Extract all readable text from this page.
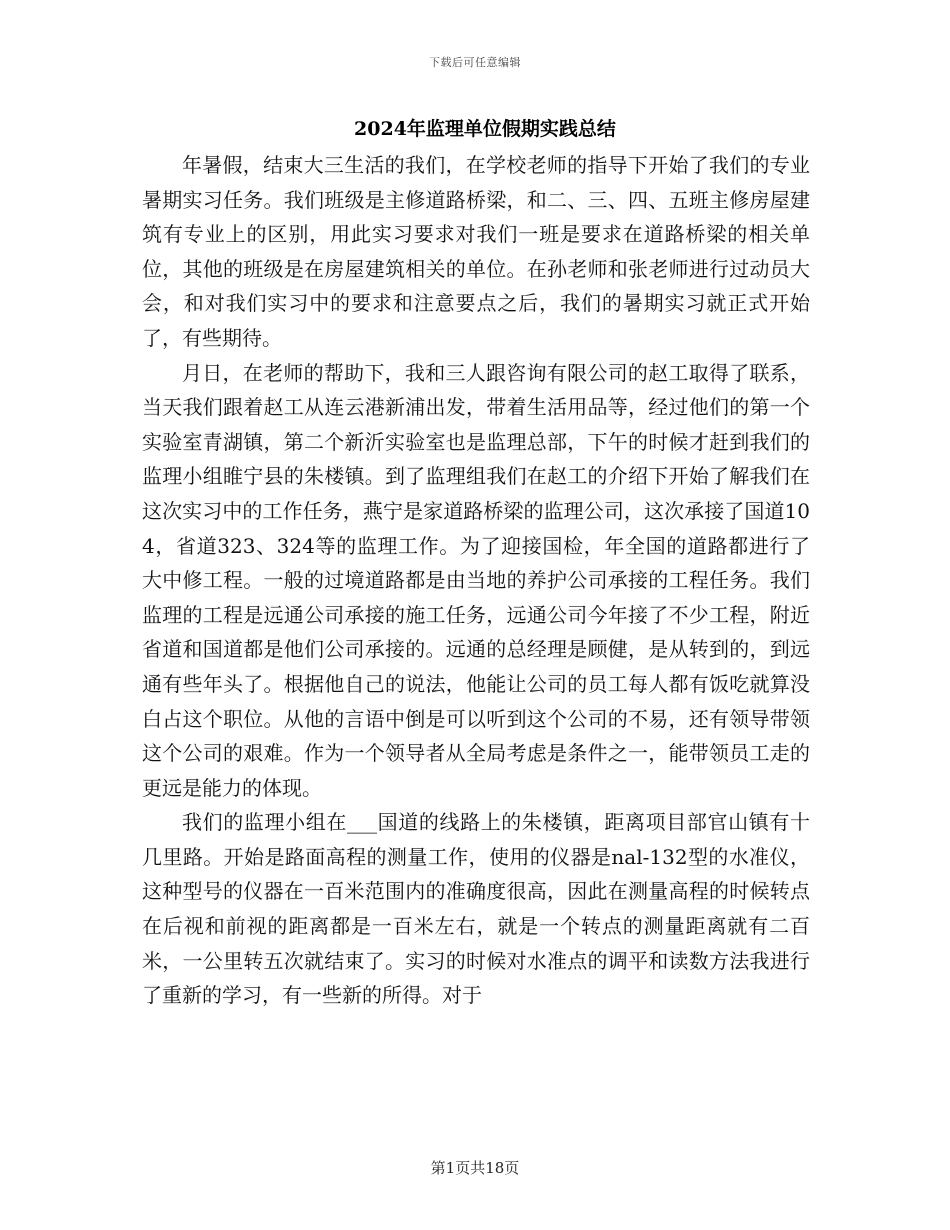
下载后可任意编辑
2024年监理单位假期实践总结

年暑假，结束大三生活的我们，在学校老师的指导下开始了我们的专业暑期实习任务。我们班级是主修道路桥梁，和二、三、四、五班主修房屋建筑有专业上的区别，用此实习要求对我们一班是要求在道路桥梁的相关单位，其他的班级是在房屋建筑相关的单位。在孙老师和张老师进行过动员大会，和对我们实习中的要求和注意要点之后，我们的暑期实习就正式开始了，有些期待。

月日，在老师的帮助下，我和三人跟咨询有限公司的赵工取得了联系，当天我们跟着赵工从连云港新浦出发，带着生活用品等，经过他们的第一个实验室青湖镇，第二个新沂实验室也是监理总部，下午的时候才赶到我们的监理小组睢宁县的朱楼镇。到了监理组我们在赵工的介绍下开始了解我们在这次实习中的工作任务，燕宁是家道路桥梁的监理公司，这次承接了国道104，省道323、324等的监理工作。为了迎接国检，年全国的道路都进行了大中修工程。一般的过境道路都是由当地的养护公司承接的工程任务。我们监理的工程是远通公司承接的施工任务，远通公司今年接了不少工程，附近省道和国道都是他们公司承接的。远通的总经理是顾健，是从转到的，到远通有些年头了。根据他自己的说法，他能让公司的员工每人都有饭吃就算没白占这个职位。从他的言语中倒是可以听到这个公司的不易，还有领导带领这个公司的艰难。作为一个领导者从全局考虑是条件之一，能带领员工走的更远是能力的体现。

我们的监理小组在___国道的线路上的朱楼镇，距离项目部官山镇有十几里路。开始是路面高程的测量工作，使用的仪器是nal-132型的水准仪，这种型号的仪器在一百米范围内的准确度很高，因此在测量高程的时候转点在后视和前视的距离都是一百米左右，就是一个转点的测量距离就有二百米，一公里转五次就结束了。实习的时候对水准点的调平和读数方法我进行了重新的学习，有一些新的所得。对于

第1页共18页
